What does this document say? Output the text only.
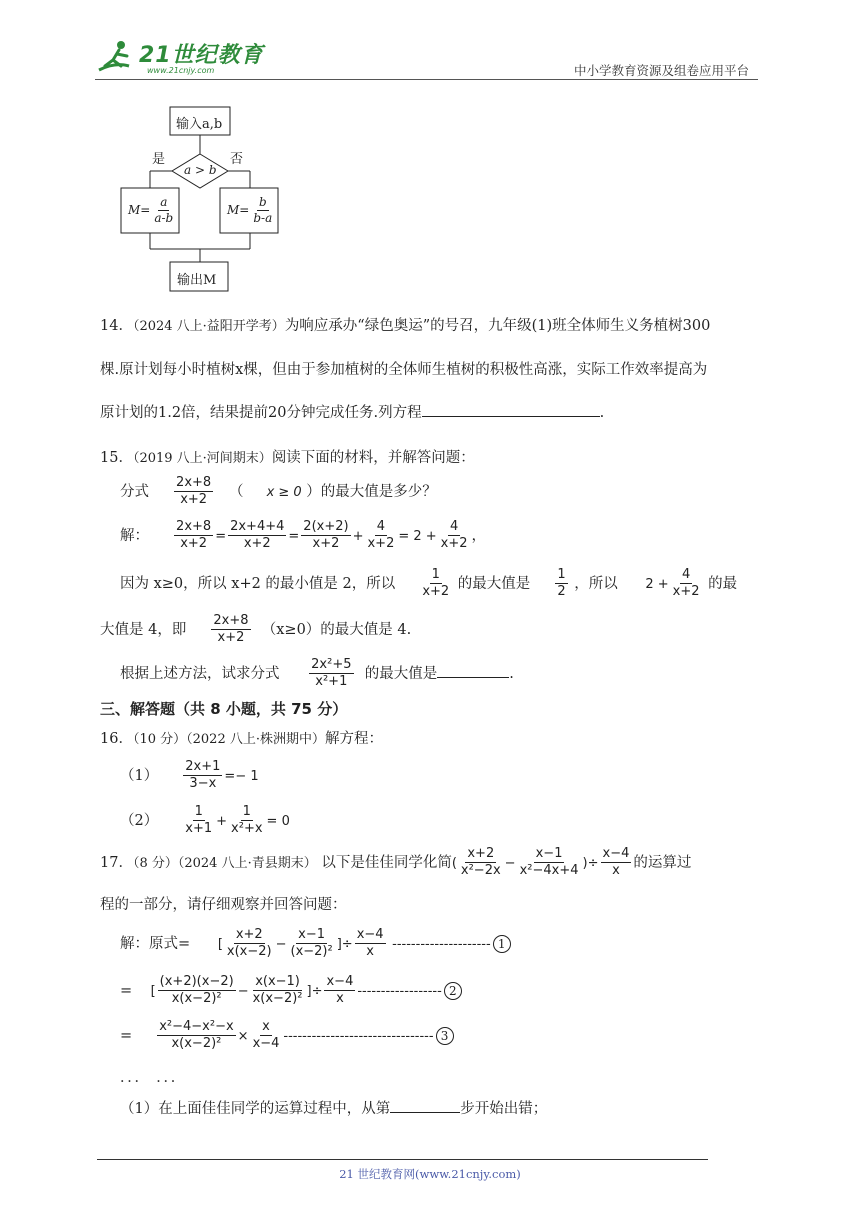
21世纪教育
www.21cnjy.com	中小学教育资源及组卷应用平台
输入a,b
是	否
a > b
$M= \frac{a}{a-b}$	$M= \frac{b}{b-a}$
输出M
14．（2024 八上·益阳开学考）为响应承办“绿色奥运”的号召，九年级(1)班全体师生义务植树300
棵.原计划每小时植树x棵，但由于参加植树的全体师生植树的积极性高涨，实际工作效率提高为
原计划的1.2倍，结果提前20分钟完成任务.列方程	.
15．（2019 八上·河间期末）阅读下面的材料，并解答问题：
分式 $\frac{2x+8}{x+2}$ （ x ≥ 0 ）的最大值是多少？
解： $\frac{2x+8}{x+2} = \frac{2x+4+4}{x+2} = \frac{2(x+2)}{x+2} + \frac{4}{x+2} = 2 + \frac{4}{x+2}$ ，
因为 x≥0，所以 x+2 的最小值是 2，所以 $\frac{1}{x+2}$ 的最大值是 $\frac{1}{2}$ ，所以 $2 + \frac{4}{x+2}$ 的最
大值是 4，即 $\frac{2x+8}{x+2} (x\ge 0)$的最大值是 4.
根据上述方法，试求分式 $\frac{\text{2x²+5}}{\text{x²+1}}$ 的最大值是	.
三、解答题（共 8 小题，共 75 分）
16．（10 分）（2022 八上·株洲期中）解方程：
$(1) \frac{2x+1}{3-x} =- 1$
$(2) \frac{1}{x+1} + \frac{1}{\text{x²+x}} = 0$
17．（8 分）（2024 八上·青县期末） 以下是佳佳同学化简( $\frac{x+2}{\text{x²−2x}} - \frac{x-1}{\text{x²−4x+4}}$ )÷ $\frac{x-4}{x}$ 的运算过
程的一部分，请仔细观察并回答问题：
解：原式= [ $\frac{x+2}{x(x-2)} - \frac{x-1}{\text{(x−2)²}}$ ]÷ $\frac{x-4}{x}$ --------------------- 1
= [ $\frac{(x+2)(x-2)}{\text{x(x−2)²}} - \frac{x(x-1)}{\text{x(x−2)²}}$ ]÷ $\frac{x-4}{x}$ ------------------ 2
= $\frac{\text{x²−4−x²−x}}{\text{x(x−2)²}} \times \frac{x}{x-4}$ -------------------------------- 3
．．．　．．．
（1）在上面佳佳同学的运算过程中，从第	步开始出错；
21 世纪教育网(www.21cnjy.com)
